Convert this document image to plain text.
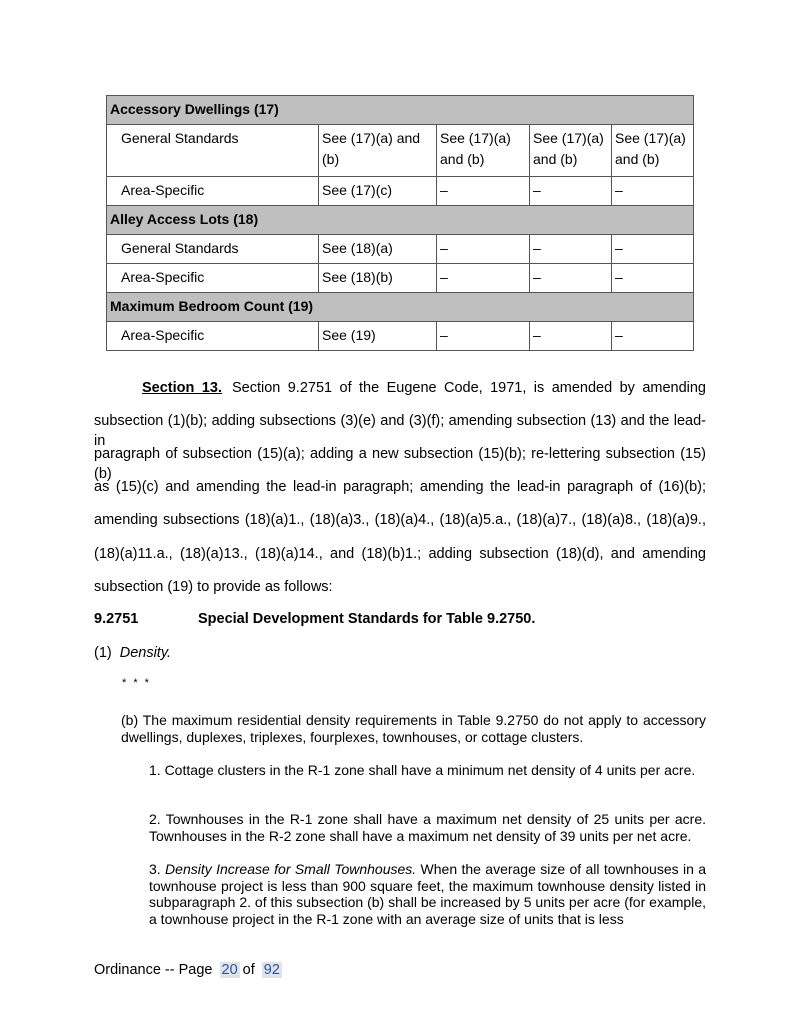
Accessory Dwellings (17)				
General Standards	See (17)(a) and (b)	See (17)(a) and (b)	See (17)(a) and (b)	See (17)(a) and (b)
Area-Specific	See (17)(c)	–	–	–
Alley Access Lots (18)				
General Standards	See (18)(a)	–	–	–
Area-Specific	See (18)(b)	–	–	–
Maximum Bedroom Count (19)				
Area-Specific	See (19)	–	–	–
Section 13. Section 9.2751 of the Eugene Code, 1971, is amended by amending
subsection (1)(b); adding subsections (3)(e) and (3)(f); amending subsection (13) and the lead-in
paragraph of subsection (15)(a); adding a new subsection (15)(b); re-lettering subsection (15)(b)
as (15)(c) and amending the lead-in paragraph; amending the lead-in paragraph of (16)(b);
amending subsections (18)(a)1., (18)(a)3., (18)(a)4., (18)(a)5.a., (18)(a)7., (18)(a)8., (18)(a)9.,
(18)(a)11.a., (18)(a)13., (18)(a)14., and (18)(b)1.; adding subsection (18)(d), and amending
subsection (19) to provide as follows:
9.2751	Special Development Standards for Table 9.2750.
(1) Density.
* * *
(b) The maximum residential density requirements in Table 9.2750 do not apply to accessory dwellings, duplexes, triplexes, fourplexes, townhouses, or cottage clusters.
1. Cottage clusters in the R-1 zone shall have a minimum net density of 4 units per acre.
2. Townhouses in the R-1 zone shall have a maximum net density of 25 units per acre. Townhouses in the R-2 zone shall have a maximum net density of 39 units per net acre.
3. Density Increase for Small Townhouses. When the average size of all townhouses in a townhouse project is less than 900 square feet, the maximum townhouse density listed in subparagraph 2. of this subsection (b) shall be increased by 5 units per acre (for example, a townhouse project in the R-1 zone with an average size of units that is less
Ordinance -- Page 20 of 92
